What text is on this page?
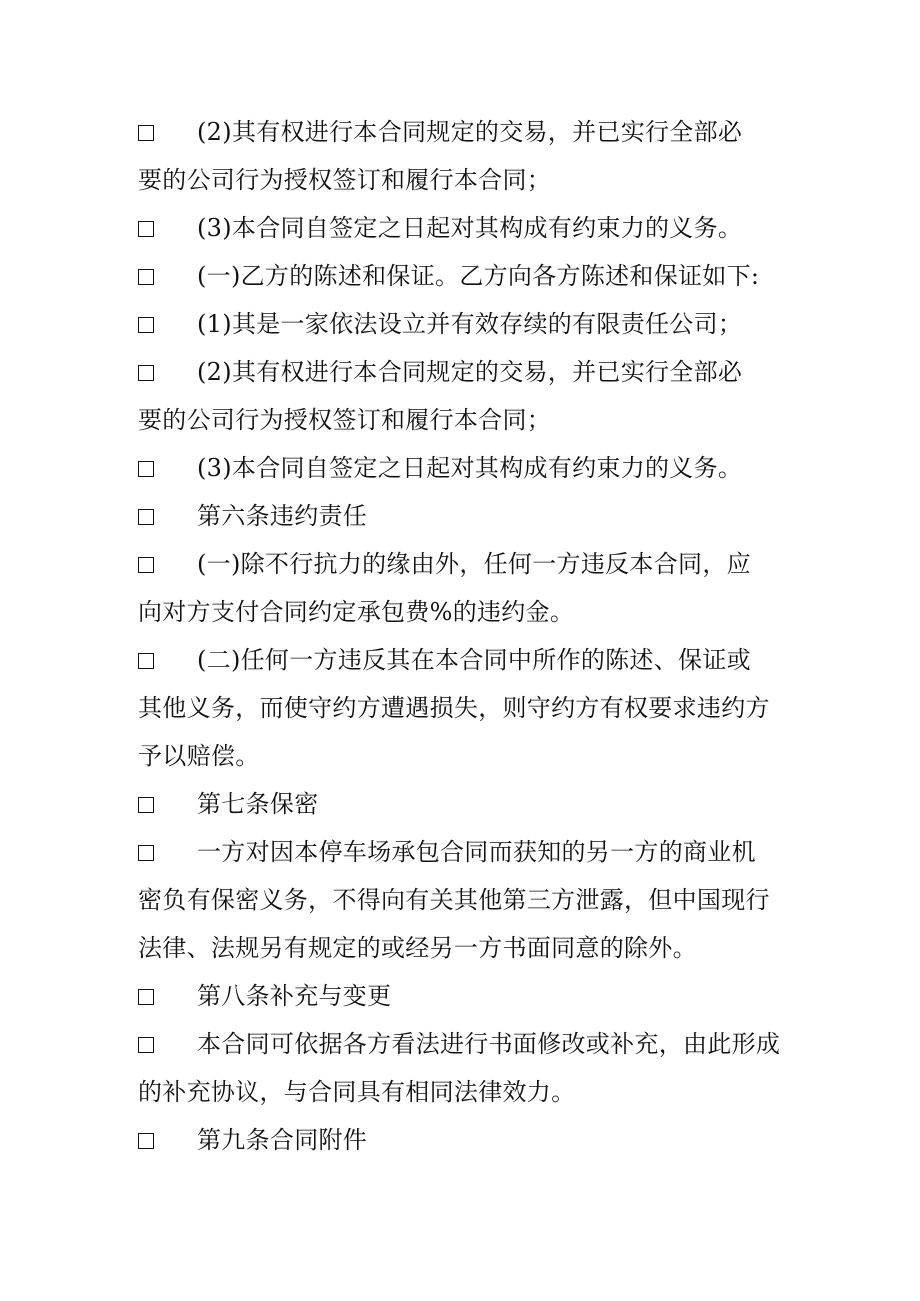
(2)其有权进行本合同规定的交易，并已实行全部必
要的公司行为授权签订和履行本合同；
(3)本合同自签定之日起对其构成有约束力的义务。
(一)乙方的陈述和保证。乙方向各方陈述和保证如下:
(1)其是一家依法设立并有效存续的有限责任公司；
(2)其有权进行本合同规定的交易，并已实行全部必
要的公司行为授权签订和履行本合同；
(3)本合同自签定之日起对其构成有约束力的义务。
第六条违约责任
(一)除不行抗力的缘由外，任何一方违反本合同，应
向对方支付合同约定承包费%的违约金。
(二)任何一方违反其在本合同中所作的陈述、保证或
其他义务，而使守约方遭遇损失，则守约方有权要求违约方
予以赔偿。
第七条保密
一方对因本停车场承包合同而获知的另一方的商业机
密负有保密义务，不得向有关其他第三方泄露，但中国现行
法律、法规另有规定的或经另一方书面同意的除外。
第八条补充与变更
本合同可依据各方看法进行书面修改或补充，由此形成
的补充协议，与合同具有相同法律效力。
第九条合同附件
